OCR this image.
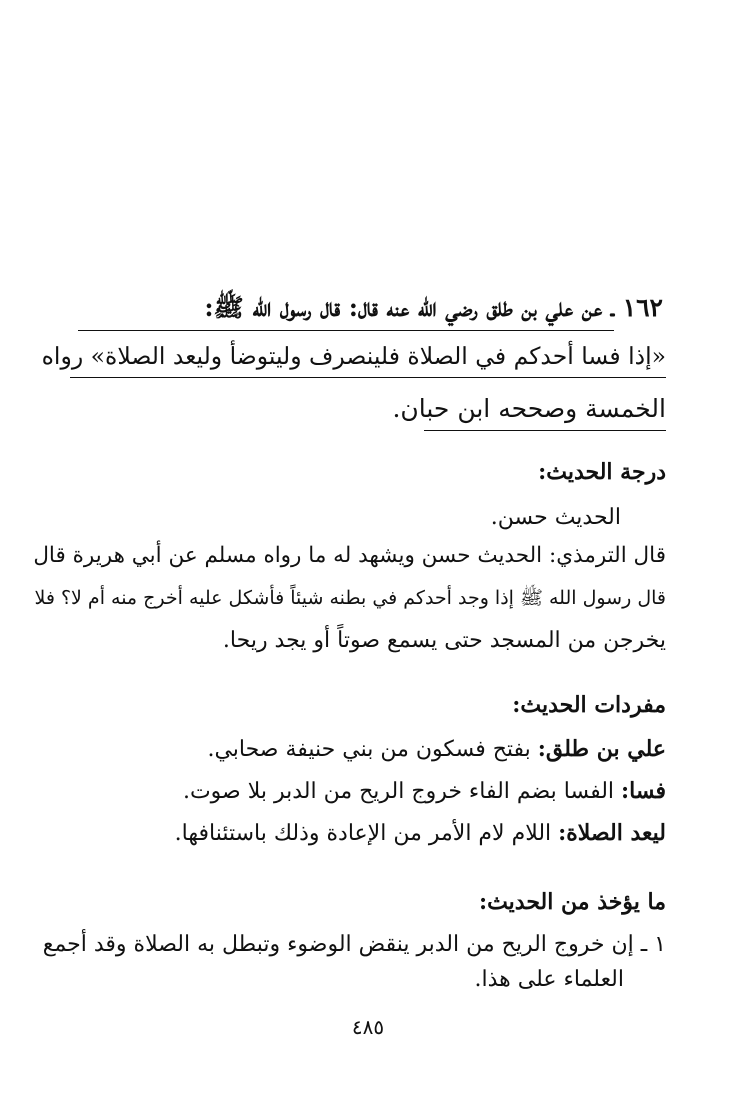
١٦٢ ـ عن علي بن طلق رضي الله عنه قال: قال رسول الله ﷺ:
«إذا فسا أحدكم في الصلاة فلينصرف وليتوضأ وليعد الصلاة» رواه
الخمسة وصححه ابن حبان.
درجة الحديث:
الحديث حسن.
قال الترمذي: الحديث حسن ويشهد له ما رواه مسلم عن أبي هريرة قال
قال رسول الله ﷺ إذا وجد أحدكم في بطنه شيئاً فأشكل عليه أخرج منه أم لا؟ فلا
يخرجن من المسجد حتى يسمع صوتاً أو يجد ريحا.
مفردات الحديث:
علي بن طلق: بفتح فسكون من بني حنيفة صحابي.
فسا: الفسا بضم الفاء خروج الريح من الدبر بلا صوت.
ليعد الصلاة: اللام لام الأمر من الإعادة وذلك باستئنافها.
ما يؤخذ من الحديث:
١ ـ إن خروج الريح من الدبر ينقض الوضوء وتبطل به الصلاة وقد أجمع
العلماء على هذا.
٤٨٥
